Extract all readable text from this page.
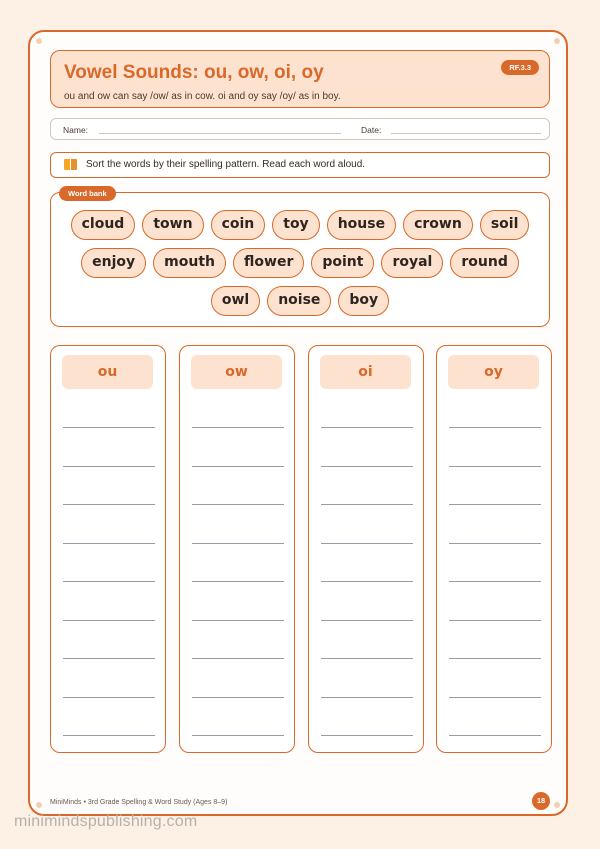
Vowel Sounds: ou, ow, oi, oy

ou and ow can say /ow/ as in cow. oi and oy say /oy/ as in boy.

RF.3.3
Name:	Date:
Sort the words by their spelling pattern. Read each word aloud.
Word bank
cloud	town	coin	toy	house	crown	soil
enjoy	mouth	flower	point	royal	round
owl	noise	boy
ou	ow	oi	oy
MiniMinds • 3rd Grade Spelling & Word Study (Ages 8–9)	18
minimindspublishing.com
